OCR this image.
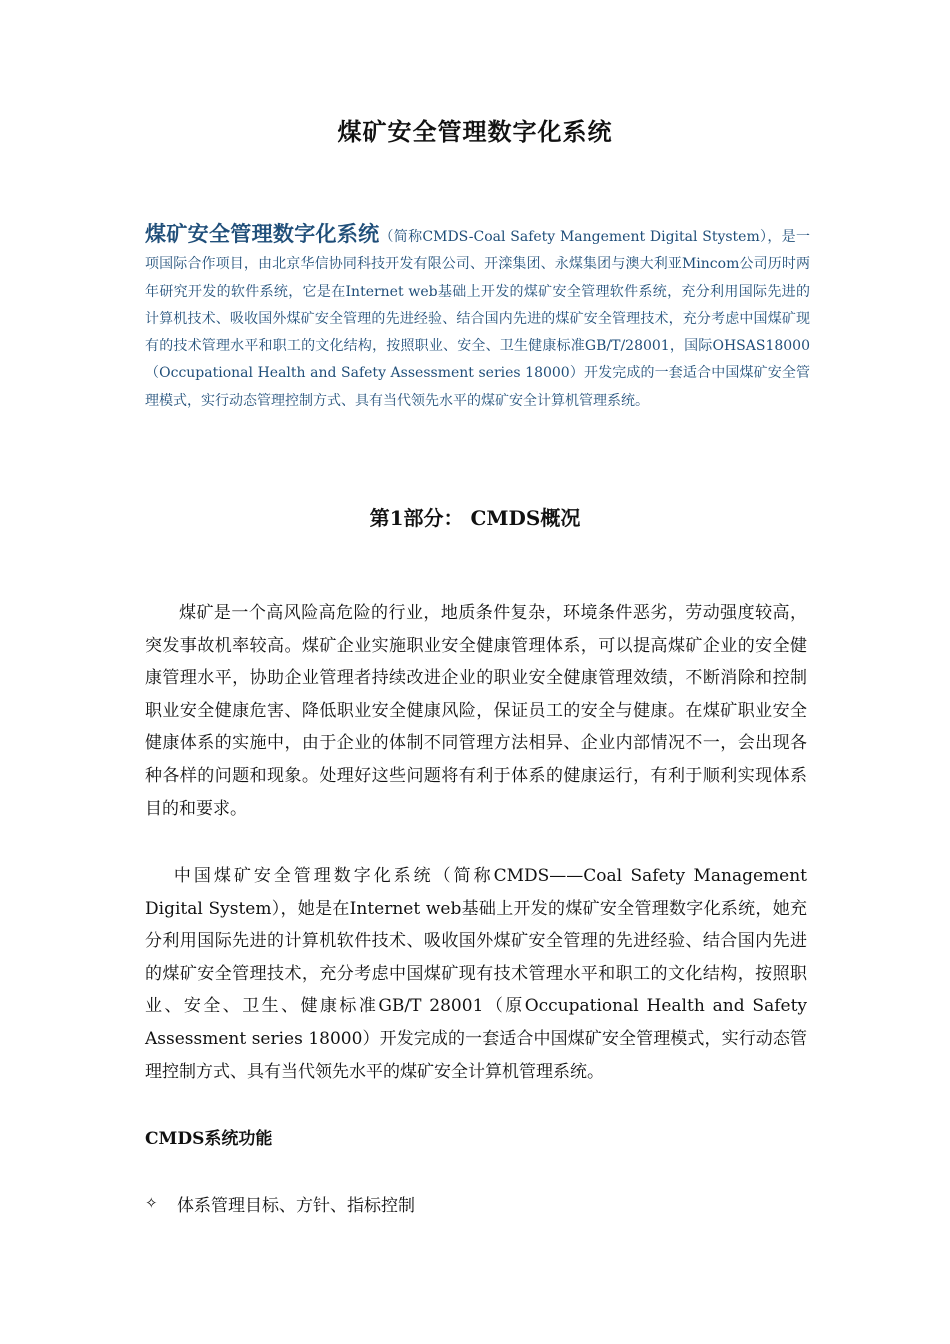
煤矿安全管理数字化系统
煤矿安全管理数字化系统（简称CMDS-Coal Safety Mangement Digital Stystem），是一项国际合作项目，由北京华信协同科技开发有限公司、开滦集团、永煤集团与澳大利亚Mincom公司历时两年研究开发的软件系统，它是在Internet web基础上开发的煤矿安全管理软件系统，充分利用国际先进的计算机技术、吸收国外煤矿安全管理的先进经验、结合国内先进的煤矿安全管理技术，充分考虑中国煤矿现有的技术管理水平和职工的文化结构，按照职业、安全、卫生健康标准GB/T/28001，国际OHSAS18000（Occupational Health and Safety Assessment series 18000）开发完成的一套适合中国煤矿安全管理模式，实行动态管理控制方式、具有当代领先水平的煤矿安全计算机管理系统。
第1部分： CMDS概况
煤矿是一个高风险高危险的行业，地质条件复杂，环境条件恶劣，劳动强度较高，突发事故机率较高。煤矿企业实施职业安全健康管理体系，可以提高煤矿企业的安全健康管理水平，协助企业管理者持续改进企业的职业安全健康管理效绩，不断消除和控制职业安全健康危害、降低职业安全健康风险，保证员工的安全与健康。在煤矿职业安全健康体系的实施中，由于企业的体制不同管理方法相异、企业内部情况不一，会出现各种各样的问题和现象。处理好这些问题将有利于体系的健康运行，有利于顺利实现体系目的和要求。
中国煤矿安全管理数字化系统（简称CMDS——Coal Safety Management Digital System），她是在Internet web基础上开发的煤矿安全管理数字化系统，她充分利用国际先进的计算机软件技术、吸收国外煤矿安全管理的先进经验、结合国内先进的煤矿安全管理技术，充分考虑中国煤矿现有技术管理水平和职工的文化结构，按照职业、安全、卫生、健康标准GB/T 28001（原Occupational Health and Safety Assessment series 18000）开发完成的一套适合中国煤矿安全管理模式，实行动态管理控制方式、具有当代领先水平的煤矿安全计算机管理系统。
CMDS系统功能
✧	体系管理目标、方针、指标控制
